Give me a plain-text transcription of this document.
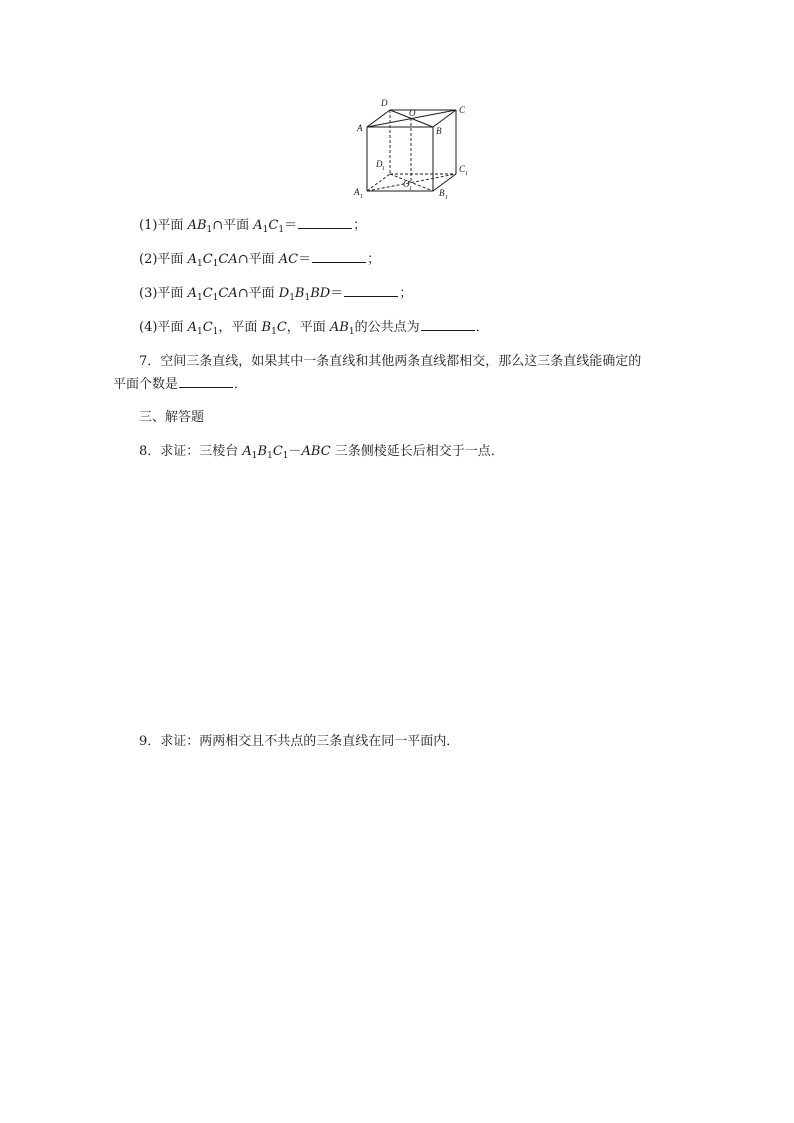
D
O	C
A	B
D 1	C 1
O 1
A 1	B 1
(1)平面 $AB_1\cap$平面 $A_1C_1=$	；
(2)平面 $A_1C_1CA\cap$平面 AC＝	；
(3)平面 $A_1C_1CA\cap$平面 $D_1B_1BD=$	；
(4)平面 $A_1C_1$，平面 $B_1C$，平面 $AB_1$的公共点为	．
7．空间三条直线，如果其中一条直线和其他两条直线都相交，那么这三条直线能确定的
平面个数是	．
三、解答题
8．求证：三棱台 $A_1B_1C_1-ABC$ 三条侧棱延长后相交于一点．
9．求证：两两相交且不共点的三条直线在同一平面内．
